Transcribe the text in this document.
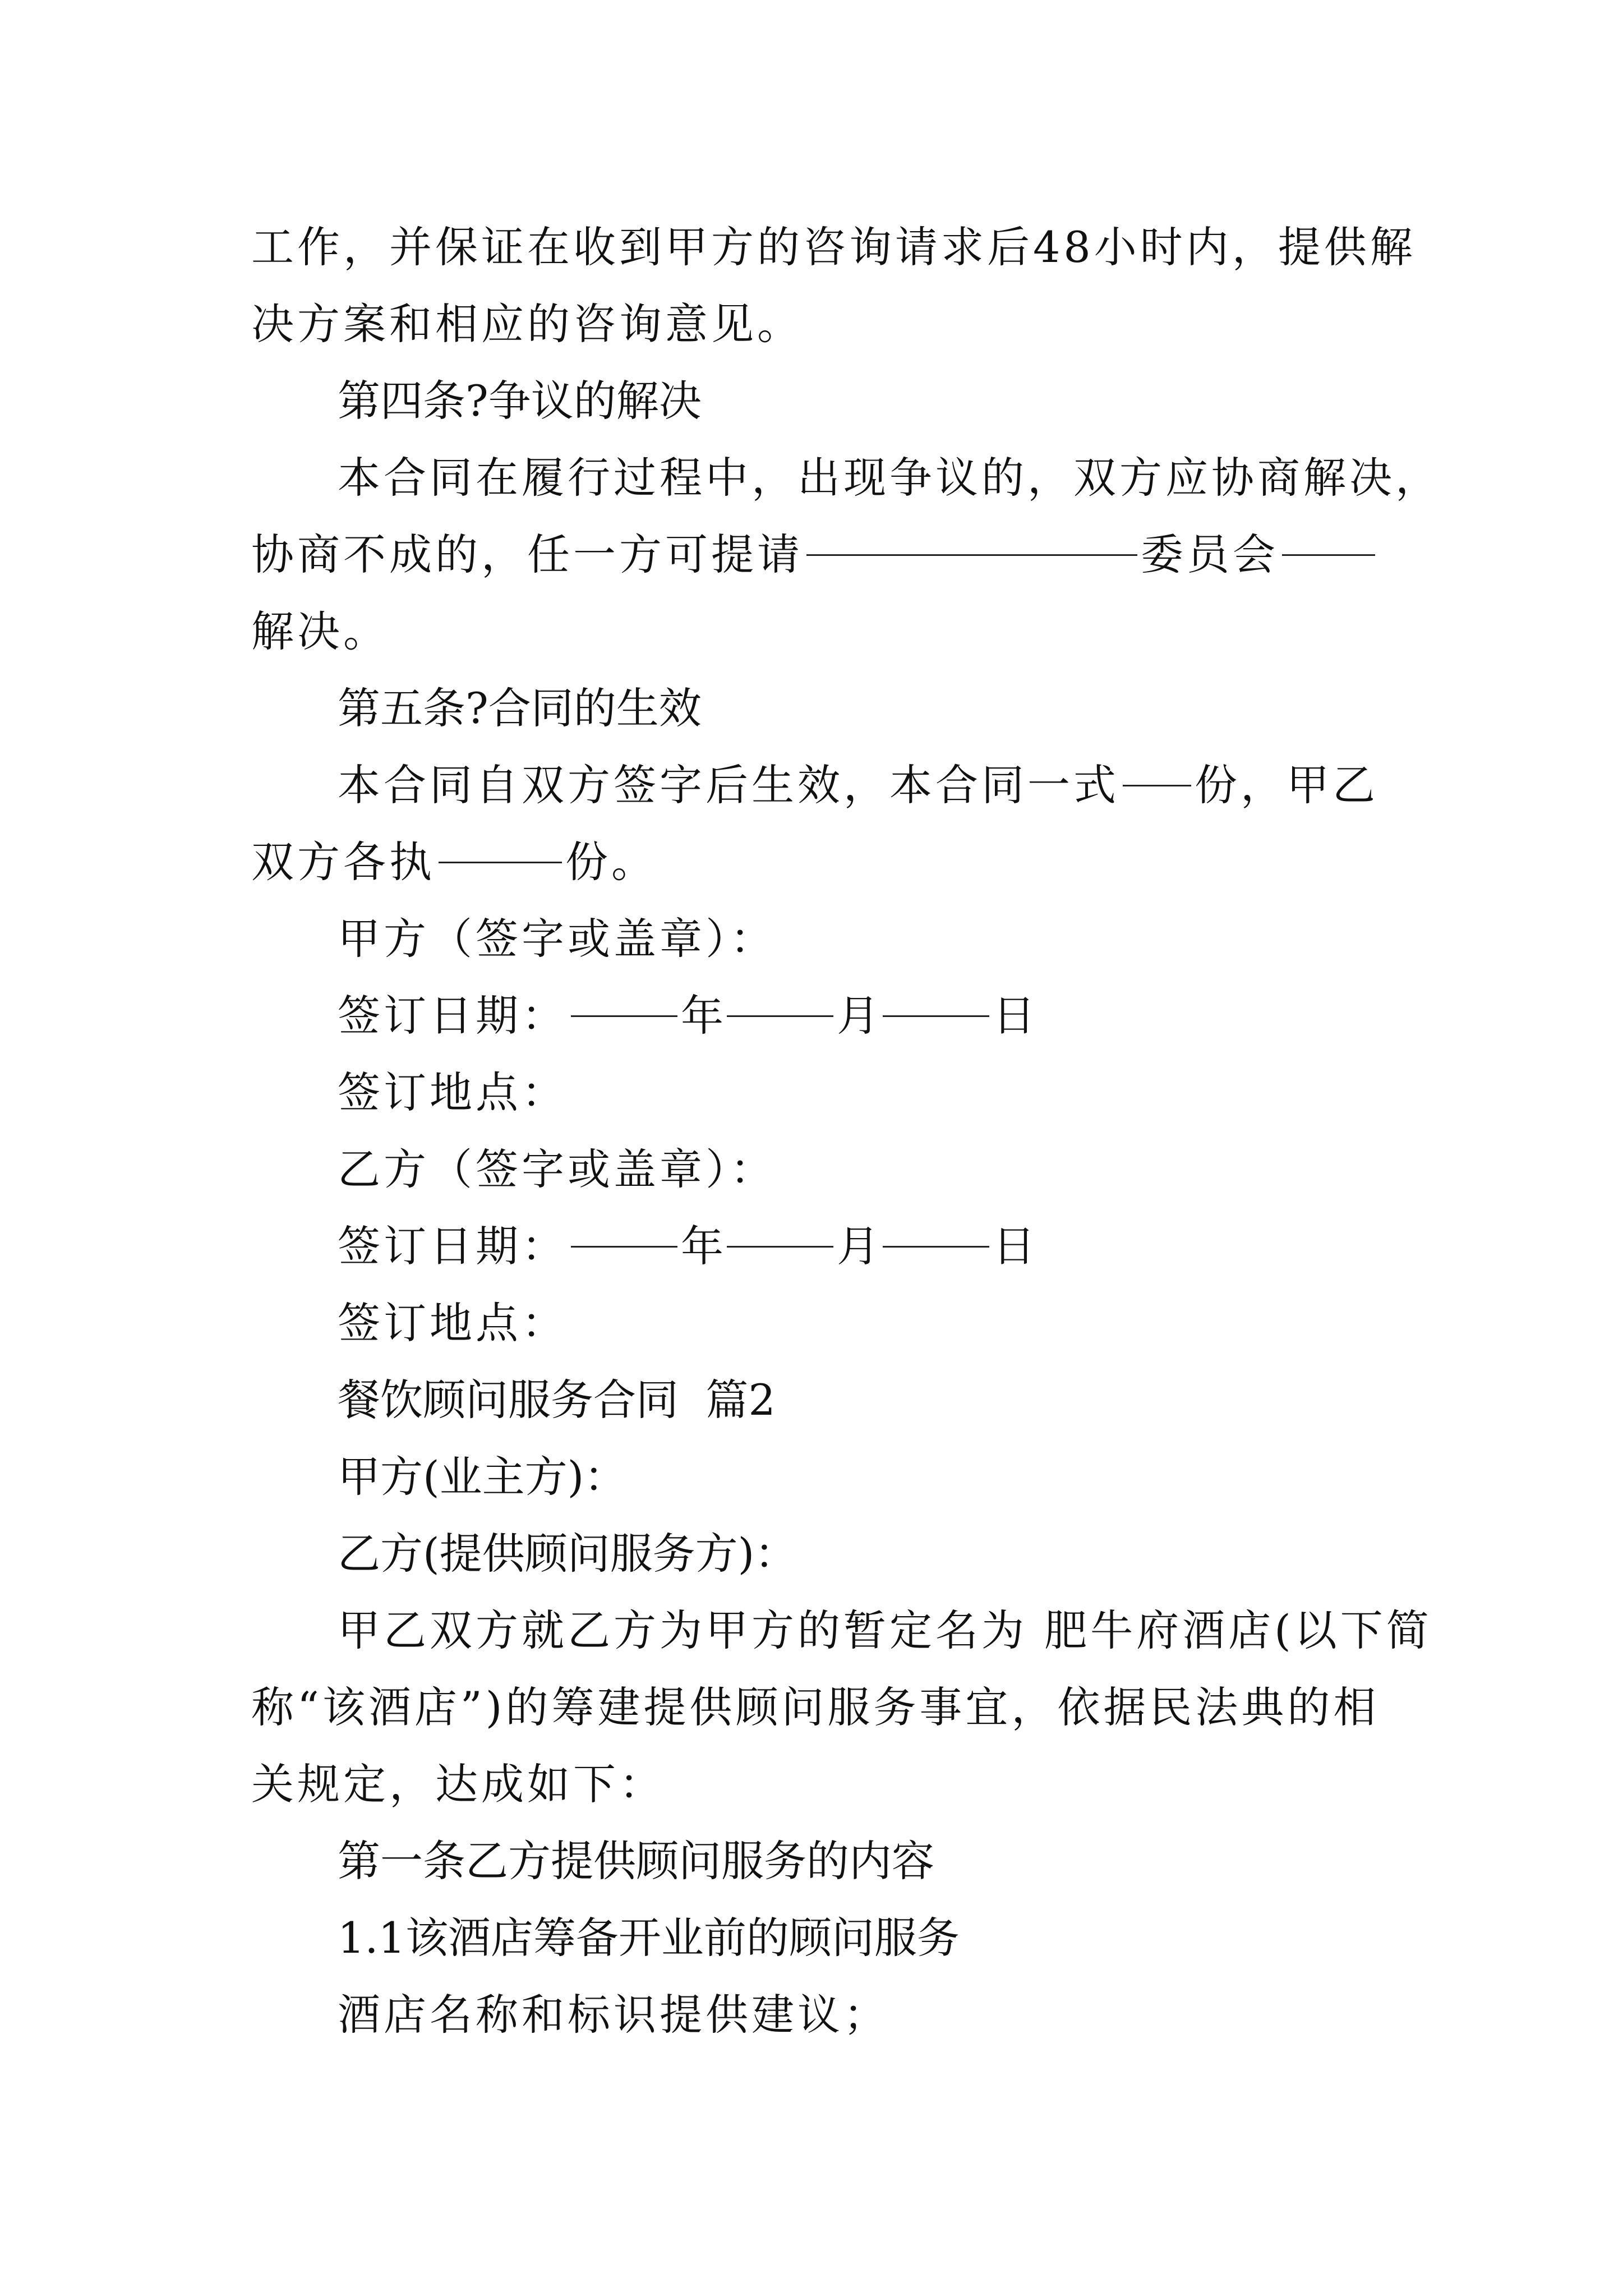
工作，并保证在收到甲方的咨询请求后48小时内，提供解
决方案和相应的咨询意见。
第四条?争议的解决
本合同在履行过程中，出现争议的，双方应协商解决，
协商不成的，任一方可提请	委员会
解决。
第五条?合同的生效
本合同自双方签字后生效，本合同一式 份，甲乙
双方各执	份。
甲方（签字或盖章）：
签订日期：	年	月	日
签订地点：
乙方（签字或盖章）：
签订日期：	年	月	日
签订地点：
餐饮顾问服务合同  篇2
甲方(业主方)：
乙方(提供顾问服务方)：
甲乙双方就乙方为甲方的暂定名为 肥牛府酒店(以下简
称“该酒店”)的筹建提供顾问服务事宜，依据民法典的相
关规定，达成如下：
第一条乙方提供顾问服务的内容
1.1该酒店筹备开业前的顾问服务
酒店名称和标识提供建议；
